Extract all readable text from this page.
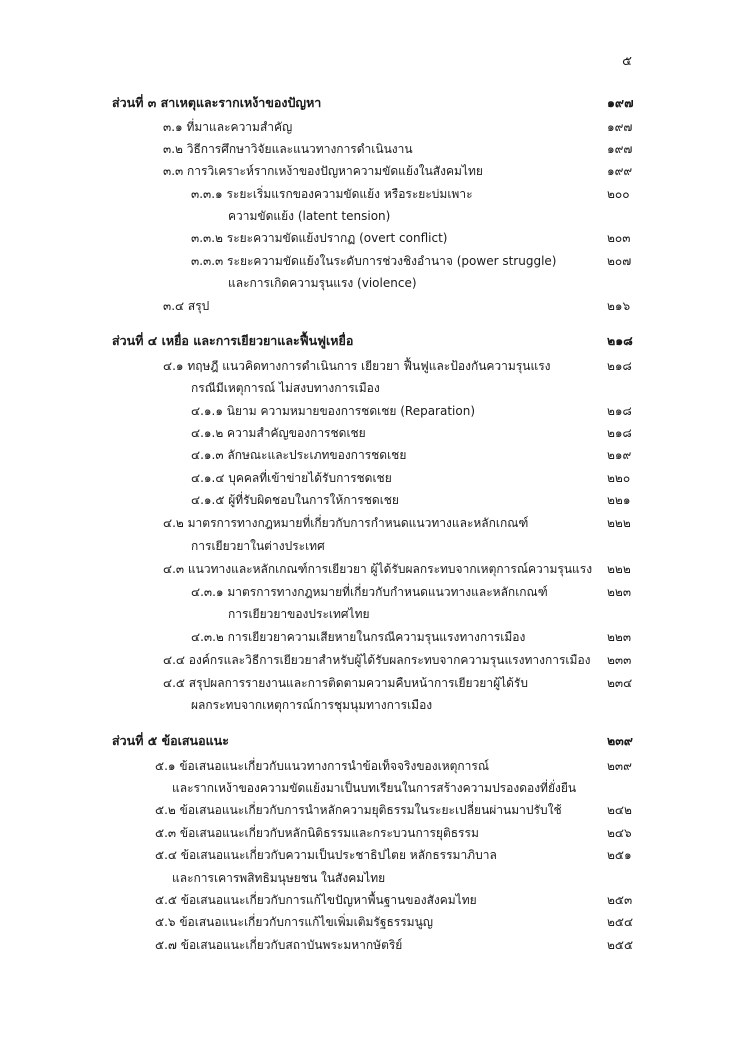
๕
ส่วนที่ ๓ สาเหตุและรากเหง้าของปัญหา	๑๙๗
๓.๑ ที่มาและความสำคัญ	๑๙๗
๓.๒ วิธีการศึกษาวิจัยและแนวทางการดำเนินงาน	๑๙๗
๓.๓ การวิเคราะห์รากเหง้าของปัญหาความขัดแย้งในสังคมไทย	๑๙๙
๓.๓.๑ ระยะเริ่มแรกของความขัดแย้ง หรือระยะบ่มเพาะ	๒๐๐
ความขัดแย้ง (latent tension)
๓.๓.๒ ระยะความขัดแย้งปรากฏ (overt conflict)	๒๐๓
๓.๓.๓ ระยะความขัดแย้งในระดับการช่วงชิงอำนาจ (power struggle)	๒๐๗
และการเกิดความรุนแรง (violence)
๓.๔ สรุป	๒๑๖
ส่วนที่ ๔ เหยื่อ และการเยียวยาและฟื้นฟูเหยื่อ	๒๑๘
๔.๑ ทฤษฎี แนวคิดทางการดำเนินการ เยียวยา ฟื้นฟูและป้องกันความรุนแรง	๒๑๘
กรณีมีเหตุการณ์ ไม่สงบทางการเมือง
๔.๑.๑ นิยาม ความหมายของการชดเชย (Reparation)	๒๑๘
๔.๑.๒ ความสำคัญของการชดเชย	๒๑๘
๔.๑.๓ ลักษณะและประเภทของการชดเชย	๒๑๙
๔.๑.๔ บุคคลที่เข้าข่ายได้รับการชดเชย	๒๒๐
๔.๑.๕ ผู้ที่รับผิดชอบในการให้การชดเชย	๒๒๑
๔.๒ มาตรการทางกฎหมายที่เกี่ยวกับการกำหนดแนวทางและหลักเกณฑ์	๒๒๒
การเยียวยาในต่างประเทศ
๔.๓ แนวทางและหลักเกณฑ์การเยียวยา ผู้ได้รับผลกระทบจากเหตุการณ์ความรุนแรง ๒๒๒
๔.๓.๑ มาตรการทางกฎหมายที่เกี่ยวกับกำหนดแนวทางและหลักเกณฑ์	๒๒๓
การเยียวยาของประเทศไทย
๔.๓.๒ การเยียวยาความเสียหายในกรณีความรุนแรงทางการเมือง	๒๒๓
๔.๔ องค์กรและวิธีการเยียวยาสำหรับผู้ได้รับผลกระทบจากความรุนแรงทางการเมือง ๒๓๓
๔.๕ สรุปผลการรายงานและการติดตามความคืบหน้าการเยียวยาผู้ได้รับ	๒๓๔
ผลกระทบจากเหตุการณ์การชุมนุมทางการเมือง
ส่วนที่ ๕ ข้อเสนอแนะ	๒๓๙
๕.๑ ข้อเสนอแนะเกี่ยวกับแนวทางการนำข้อเท็จจริงของเหตุการณ์	๒๓๙
และรากเหง้าของความขัดแย้งมาเป็นบทเรียนในการสร้างความปรองดองที่ยั่งยืน
๕.๒ ข้อเสนอแนะเกี่ยวกับการนำหลักความยุติธรรมในระยะเปลี่ยนผ่านมาปรับใช้	๒๔๒
๕.๓ ข้อเสนอแนะเกี่ยวกับหลักนิติธรรมและกระบวนการยุติธรรม	๒๔๖
๕.๔ ข้อเสนอแนะเกี่ยวกับความเป็นประชาธิปไตย หลักธรรมาภิบาล	๒๕๑
และการเคารพสิทธิมนุษยชน ในสังคมไทย
๕.๕ ข้อเสนอแนะเกี่ยวกับการแก้ไขปัญหาพื้นฐานของสังคมไทย	๒๕๓
๕.๖ ข้อเสนอแนะเกี่ยวกับการแก้ไขเพิ่มเติมรัฐธรรมนูญ	๒๕๔
๕.๗ ข้อเสนอแนะเกี่ยวกับสถาบันพระมหากษัตริย์	๒๕๕
